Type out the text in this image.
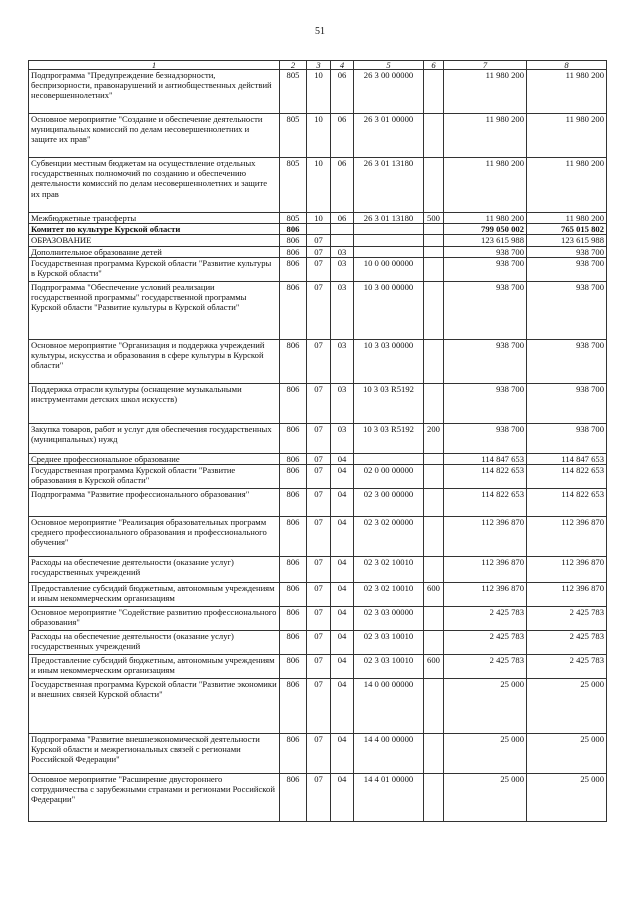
51
1	2	3	4	5	6	7	8
Подпрограмма "Предупреждение безнадзорности, беспризорности, правонарушений и антиобщественных действий несовершеннолетних"	805	10	06	26 3 00 00000		11 980 200	11 980 200
Основное мероприятие "Создание и обеспечение деятельности муниципальных комиссий по делам несовершеннолетних и защите их прав"	805	10	06	26 3 01 00000		11 980 200	11 980 200
Субвенции местным бюджетам на осуществление отдельных государственных полномочий по созданию и обеспечению деятельности комиссий по делам несовершеннолетних и защите их прав	805	10	06	26 3 01 13180		11 980 200	11 980 200
Межбюджетные трансферты	805	10	06	26 3 01 13180	500	11 980 200	11 980 200
Комитет по культуре Курской области	806					799 050 002	765 015 802
ОБРАЗОВАНИЕ	806	07				123 615 988	123 615 988
Дополнительное образование детей	806	07	03			938 700	938 700
Государственная программа Курской области "Развитие культуры в Курской области"	806	07	03	10 0 00 00000		938 700	938 700
Подпрограмма "Обеспечение условий реализации государственной программы" государственной программы Курской области "Развитие культуры в Курской области"	806	07	03	10 3 00 00000		938 700	938 700
Основное мероприятие "Организация и поддержка учреждений культуры, искусства и образования в сфере культуры в Курской области"	806	07	03	10 3 03 00000		938 700	938 700
Поддержка отрасли культуры (оснащение музыкальными инструментами детских школ искусств)	806	07	03	10 3 03 R5192		938 700	938 700
Закупка товаров, работ и услуг для обеспечения государственных (муниципальных) нужд	806	07	03	10 3 03 R5192	200	938 700	938 700
Среднее профессиональное образование	806	07	04			114 847 653	114 847 653
Государственная программа Курской области "Развитие образования в Курской области"	806	07	04	02 0 00 00000		114 822 653	114 822 653
Подпрограмма "Развитие профессионального образования"	806	07	04	02 3 00 00000		114 822 653	114 822 653
Основное мероприятие "Реализация образовательных программ среднего профессионального образования и профессионального обучения"	806	07	04	02 3 02 00000		112 396 870	112 396 870
Расходы на обеспечение деятельности (оказание услуг) государственных учреждений	806	07	04	02 3 02 10010		112 396 870	112 396 870
Предоставление субсидий бюджетным, автономным учреждениям и иным некоммерческим организациям	806	07	04	02 3 02 10010	600	112 396 870	112 396 870
Основное мероприятие "Содействие развитию профессионального образования"	806	07	04	02 3 03 00000		2 425 783	2 425 783
Расходы на обеспечение деятельности (оказание услуг) государственных учреждений	806	07	04	02 3 03 10010		2 425 783	2 425 783
Предоставление субсидий бюджетным, автономным учреждениям и иным некоммерческим организациям	806	07	04	02 3 03 10010	600	2 425 783	2 425 783
Государственная программа Курской области "Развитие экономики и внешних связей Курской области"	806	07	04	14 0 00 00000		25 000	25 000
Подпрограмма "Развитие внешнеэкономической деятельности Курской области и межрегиональных связей с регионами Российской Федерации"	806	07	04	14 4 00 00000		25 000	25 000
Основное мероприятие "Расширение двустороннего сотрудничества с зарубежными странами и регионами Российской Федерации"	806	07	04	14 4 01 00000		25 000	25 000
